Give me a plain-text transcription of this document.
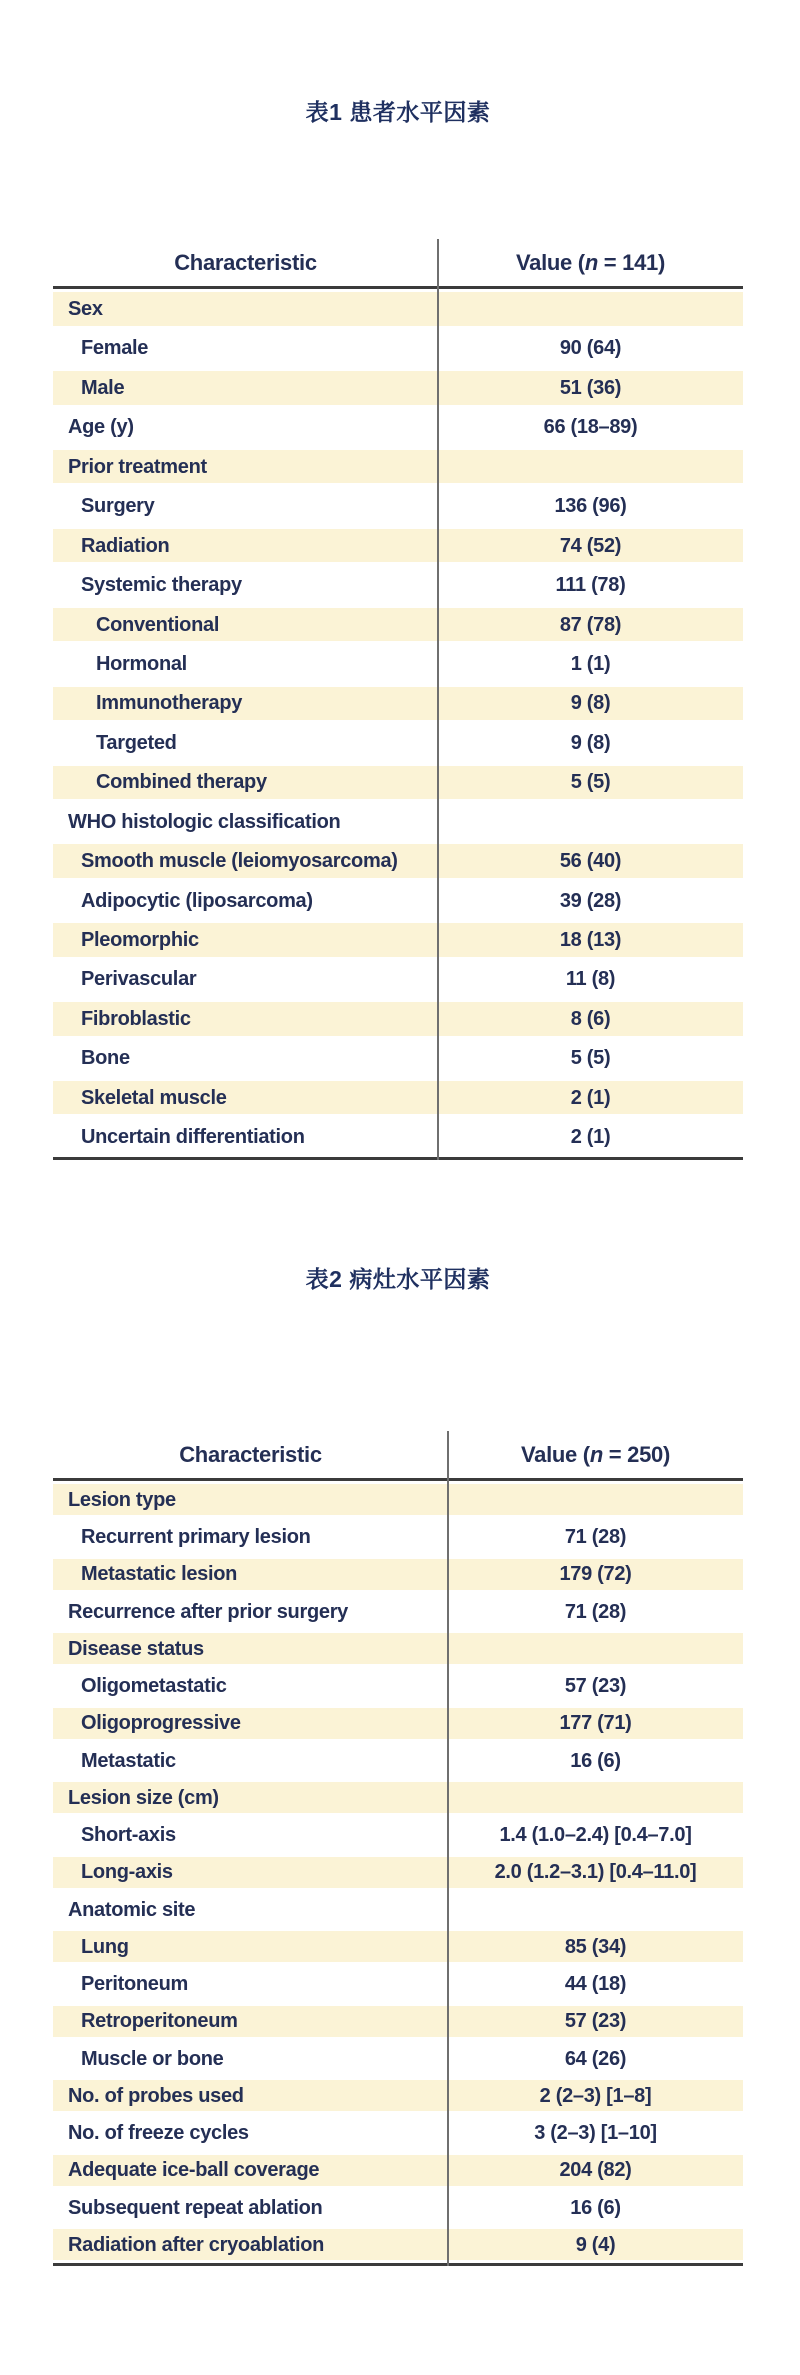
表1 患者水平因素
Characteristic	Value (n = 141)
Sex
Female	90 (64)
Male	51 (36)
Age (y)	66 (18–89)
Prior treatment
Surgery	136 (96)
Radiation	74 (52)
Systemic therapy	111 (78)
Conventional	87 (78)
Hormonal	1 (1)
Immunotherapy	9 (8)
Targeted	9 (8)
Combined therapy	5 (5)
WHO histologic classification
Smooth muscle (leiomyosarcoma)	56 (40)
Adipocytic (liposarcoma)	39 (28)
Pleomorphic	18 (13)
Perivascular	11 (8)
Fibroblastic	8 (6)
Bone	5 (5)
Skeletal muscle	2 (1)
Uncertain differentiation	2 (1)
表2 病灶水平因素
Characteristic	Value (n = 250)
Lesion type
Recurrent primary lesion	71 (28)
Metastatic lesion	179 (72)
Recurrence after prior surgery	71 (28)
Disease status
Oligometastatic	57 (23)
Oligoprogressive	177 (71)
Metastatic	16 (6)
Lesion size (cm)
Short-axis	1.4 (1.0–2.4) [0.4–7.0]
Long-axis	2.0 (1.2–3.1) [0.4–11.0]
Anatomic site
Lung	85 (34)
Peritoneum	44 (18)
Retroperitoneum	57 (23)
Muscle or bone	64 (26)
No. of probes used	2 (2–3) [1–8]
No. of freeze cycles	3 (2–3) [1–10]
Adequate ice-ball coverage	204 (82)
Subsequent repeat ablation	16 (6)
Radiation after cryoablation	9 (4)
